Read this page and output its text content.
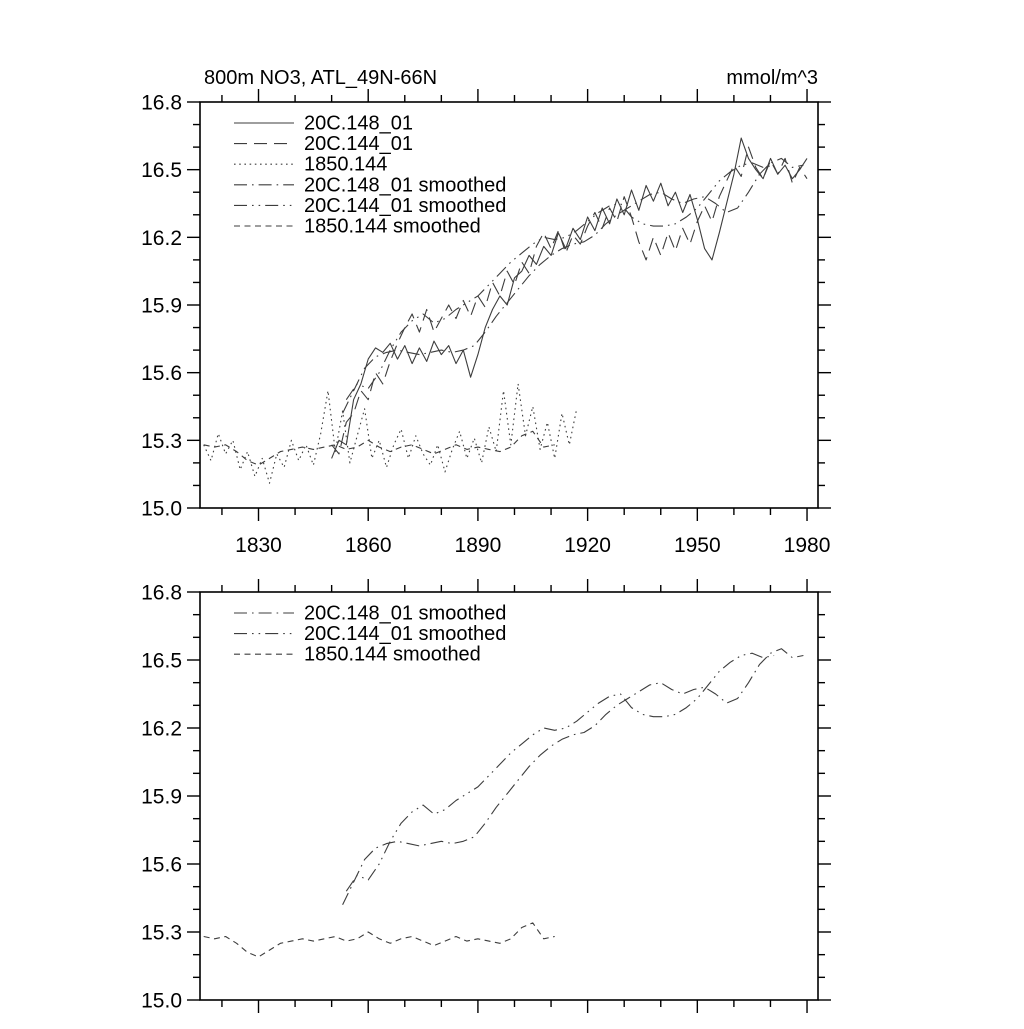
15.0
15.3
15.6
15.9
16.2
16.5
16.8
1830	1860	1890	1920	1950	1980
800m NO3, ATL_49N-66N	mmol/m^3
20C.148_01
20C.144_01
1850.144
20C.148_01 smoothed
20C.144_01 smoothed
1850.144 smoothed
15.0
15.3
15.6
15.9
16.2
16.5
16.8
20C.148_01 smoothed
20C.144_01 smoothed
1850.144 smoothed
